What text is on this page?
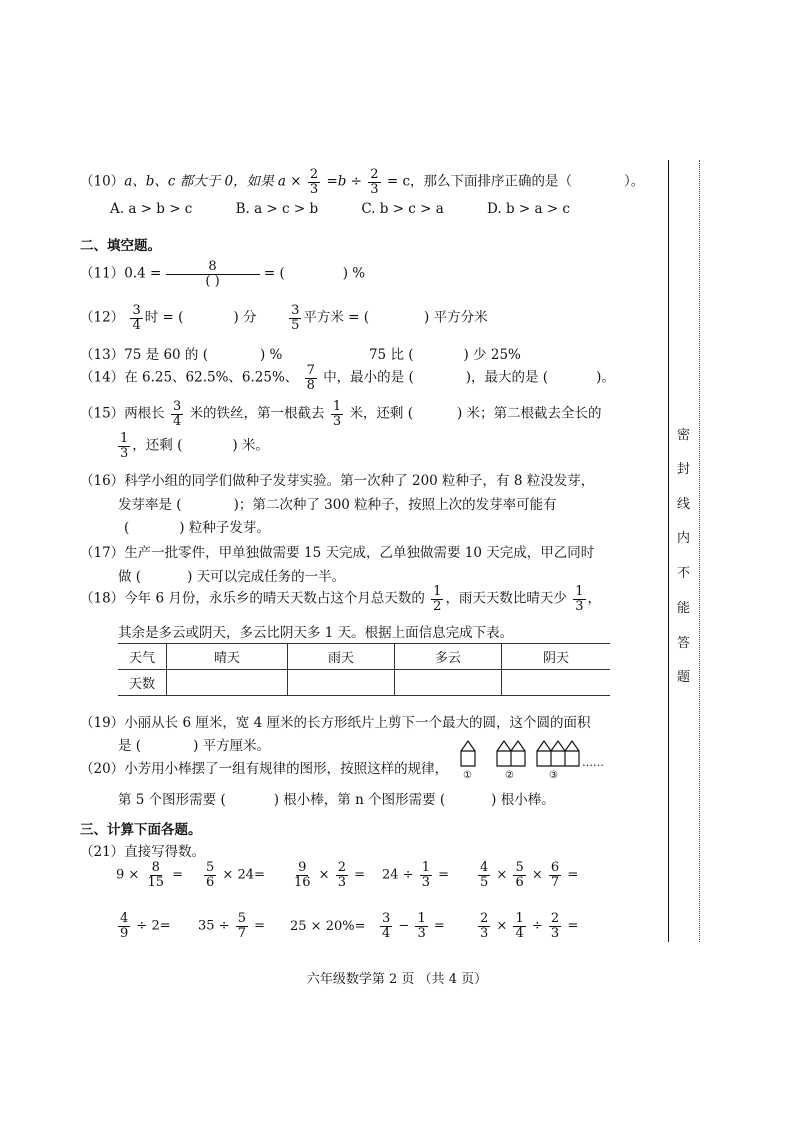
密
封
线
内
不
能
答
题
（10）a、b、c 都大于 0，如果 $a \times \frac{2}{3} =b \div \frac{2}{3} = c$，那么下面排序正确的是（	）。
A. a > b > c	B. a > c > b	C. b > c > a	D. b > a > c
二、填空题。
$(11)0.4 = \frac{8}{( )}$ = (	) %
$(12) \frac{3}{4}$ 时 = (	) 分	$\frac{3}{5}$ 平方米 = (	) 平方分米
（13）75 是 60 的 (	) %	75 比 (	) 少 25%
（14）在 6.25、62.5%、6.25%、 $\frac{7}{8}$ 中，最小的是 (	)，最大的是 (	)。
（15）两根长 $\frac{3}{4}$ 米的铁丝，第一根截去 $\frac{1}{3}$ 米，还剩 (	) 米；第二根截去全长的
$\frac{1}{3}$ ，还剩 (	) 米。
（16）科学小组的同学们做种子发芽实验。第一次种了 200 粒种子，有 8 粒没发芽，
发芽率是 (	)；第二次种了 300 粒种子，按照上次的发芽率可能有
(	) 粒种子发芽。
（17）生产一批零件，甲单独做需要 15 天完成，乙单独做需要 10 天完成，甲乙同时
做 (	) 天可以完成任务的一半。
（18）今年 6 月份，永乐乡的晴天天数占这个月总天数的 $\frac{1}{2}$ ，雨天天数比晴天少 $\frac{1}{3}$ ，
其余是多云或阴天，多云比阴天多 1 天。根据上面信息完成下表。
天气	晴天	雨天	多云	阴天
天数				
（19）小丽从长 6 厘米，宽 4 厘米的长方形纸片上剪下一个最大的圆，这个圆的面积
是 (	) 平方厘米。
（20）小芳用小棒摆了一组有规律的图形，按照这样的规律， ①	②	③
……
第 5 个图形需要 (	) 根小棒，第 n 个图形需要 (	) 根小棒。
三、计算下面各题。
（21）直接写得数。
$9 \times \frac{8}{15} = \frac{5}{6} \times 24= \frac{9}{16} \times \frac{2}{3} =24 \div \frac{1}{3} = \frac{4}{5} \times \frac{5}{6} \times \frac{6}{7}$ =
$\frac{4}{9} \div 2=35 \div \frac{5}{7} =25 \times 20\%= \frac{3}{4} - \frac{1}{3}$ =	$\frac{2}{3} \times \frac{1}{4} \div \frac{2}{3}$ =
六年级数学第 2 页 （共 4 页）
